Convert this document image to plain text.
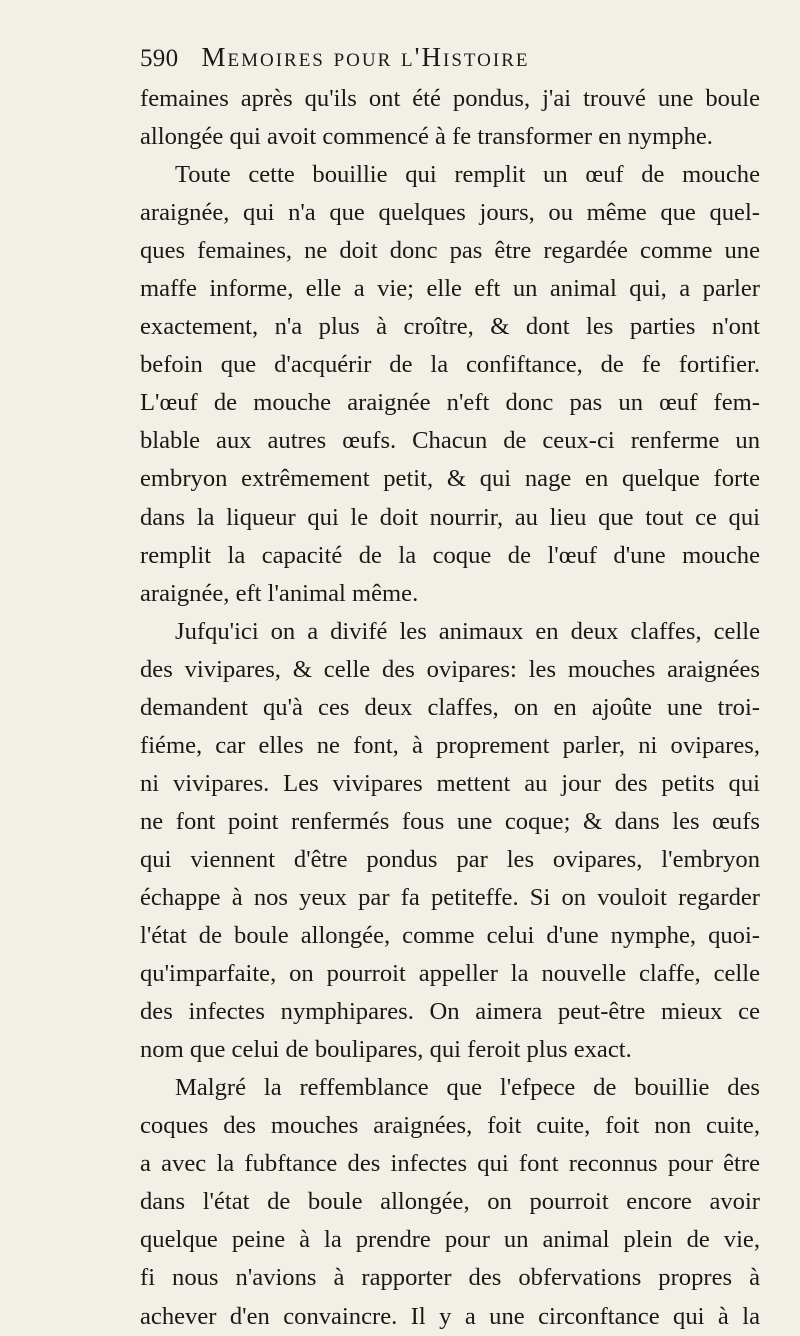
590 Memoires pour l'Histoire
femaines après qu'ils ont été pondus, j'ai trouvé une boule
allongée qui avoit commencé à fe transformer en nymphe.
Toute cette bouillie qui remplit un œuf de mouche
araignée, qui n'a que quelques jours, ou même que quel-
ques femaines, ne doit donc pas être regardée comme une
maffe informe, elle a vie; elle eft un animal qui, a parler
exactement, n'a plus à croître, & dont les parties n'ont
befoin que d'acquérir de la confiftance, de fe fortifier.
L'œuf de mouche araignée n'eft donc pas un œuf fem-
blable aux autres œufs. Chacun de ceux-ci renferme un
embryon extrêmement petit, & qui nage en quelque forte
dans la liqueur qui le doit nourrir, au lieu que tout ce qui
remplit la capacité de la coque de l'œuf d'une mouche
araignée, eft l'animal même.
Jufqu'ici on a divifé les animaux en deux claffes, celle
des vivipares, & celle des ovipares: les mouches araignées
demandent qu'à ces deux claffes, on en ajoûte une troi-
fiéme, car elles ne font, à proprement parler, ni ovipares,
ni vivipares. Les vivipares mettent au jour des petits qui
ne font point renfermés fous une coque; & dans les œufs
qui viennent d'être pondus par les ovipares, l'embryon
échappe à nos yeux par fa petiteffe. Si on vouloit regarder
l'état de boule allongée, comme celui d'une nymphe, quoi-
qu'imparfaite, on pourroit appeller la nouvelle claffe, celle
des infectes nymphipares. On aimera peut-être mieux ce
nom que celui de boulipares, qui feroit plus exact.
Malgré la reffemblance que l'efpece de bouillie des
coques des mouches araignées, foit cuite, foit non cuite,
a avec la fubftance des infectes qui font reconnus pour être
dans l'état de boule allongée, on pourroit encore avoir
quelque peine à la prendre pour un animal plein de vie,
fi nous n'avions à rapporter des obfervations propres à
achever d'en convaincre. Il y a une circonftance qui à la
